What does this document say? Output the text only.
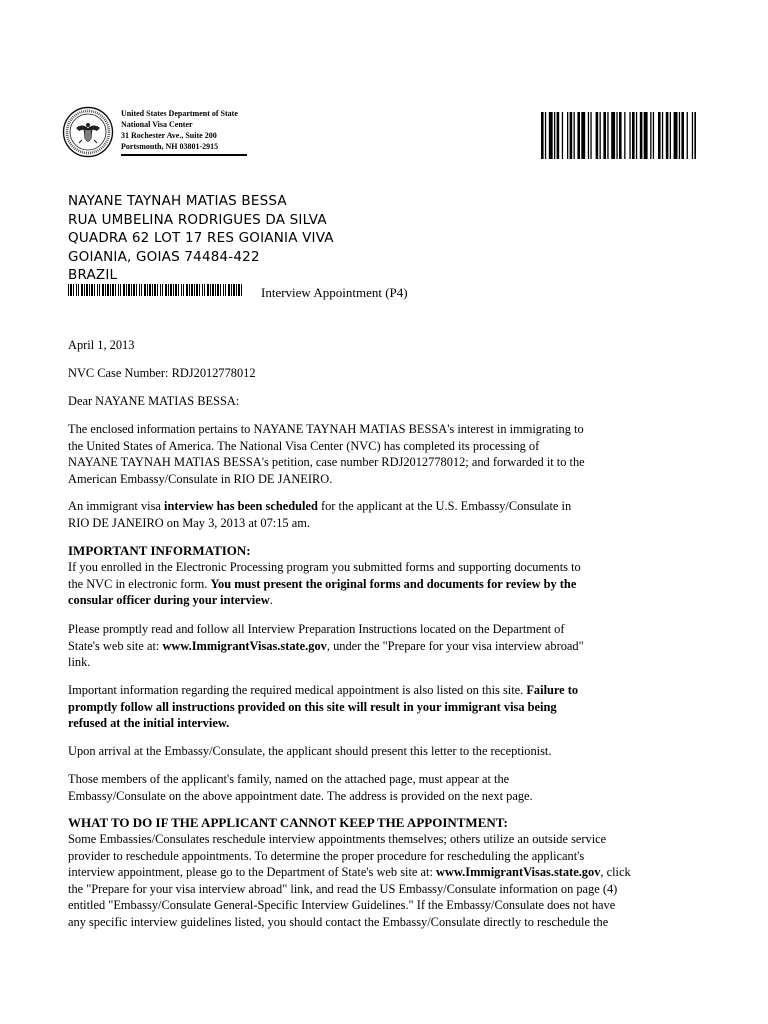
United States Department of State
National Visa Center
31 Rochester Ave., Suite 200
Portsmouth, NH 03801-2915
NAYANE TAYNAH MATIAS BESSA
RUA UMBELINA RODRIGUES DA SILVA
QUADRA 62 LOT 17 RES GOIANIA VIVA
GOIANIA, GOIAS 74484-422
BRAZIL
Interview Appointment (P4)
April 1, 2013
NVC Case Number: RDJ2012778012
Dear NAYANE MATIAS BESSA:
The enclosed information pertains to NAYANE TAYNAH MATIAS BESSA's interest in immigrating to
the United States of America. The National Visa Center (NVC) has completed its processing of
NAYANE TAYNAH MATIAS BESSA's petition, case number RDJ2012778012; and forwarded it to the
American Embassy/Consulate in RIO DE JANEIRO.
An immigrant visa interview has been scheduled for the applicant at the U.S. Embassy/Consulate in
RIO DE JANEIRO on May 3, 2013 at 07:15 am.
IMPORTANT INFORMATION:
If you enrolled in the Electronic Processing program you submitted forms and supporting documents to
the NVC in electronic form. You must present the original forms and documents for review by the
consular officer during your interview.
Please promptly read and follow all Interview Preparation Instructions located on the Department of
State's web site at: www.ImmigrantVisas.state.gov, under the "Prepare for your visa interview abroad"
link.
Important information regarding the required medical appointment is also listed on this site. Failure to
promptly follow all instructions provided on this site will result in your immigrant visa being
refused at the initial interview.
Upon arrival at the Embassy/Consulate, the applicant should present this letter to the receptionist.
Those members of the applicant's family, named on the attached page, must appear at the
Embassy/Consulate on the above appointment date. The address is provided on the next page.
WHAT TO DO IF THE APPLICANT CANNOT KEEP THE APPOINTMENT:
Some Embassies/Consulates reschedule interview appointments themselves; others utilize an outside service
provider to reschedule appointments. To determine the proper procedure for rescheduling the applicant's
interview appointment, please go to the Department of State's web site at: www.ImmigrantVisas.state.gov, click
the "Prepare for your visa interview abroad" link, and read the US Embassy/Consulate information on page (4)
entitled "Embassy/Consulate General-Specific Interview Guidelines." If the Embassy/Consulate does not have
any specific interview guidelines listed, you should contact the Embassy/Consulate directly to reschedule the
